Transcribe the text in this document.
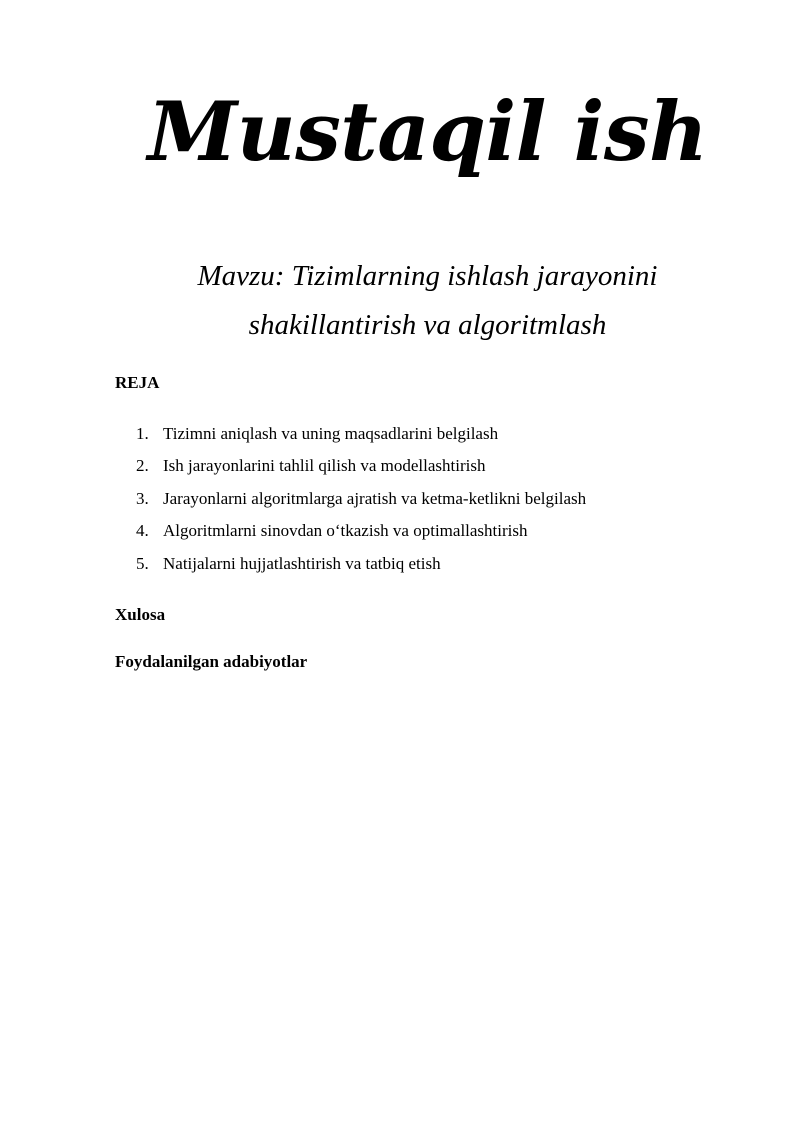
Mustaqil ish
Mavzu: Tizimlarning ishlash jarayonini
shakillantirish va algoritmlash

REJA

1. Tizimni aniqlash va uning maqsadlarini belgilash
2. Ish jarayonlarini tahlil qilish va modellashtirish
3. Jarayonlarni algoritmlarga ajratish va ketma-ketlikni belgilash
4. Algoritmlarni sinovdan o‘tkazish va optimallashtirish
5. Natijalarni hujjatlashtirish va tatbiq etish

Xulosa

Foydalanilgan adabiyotlar
